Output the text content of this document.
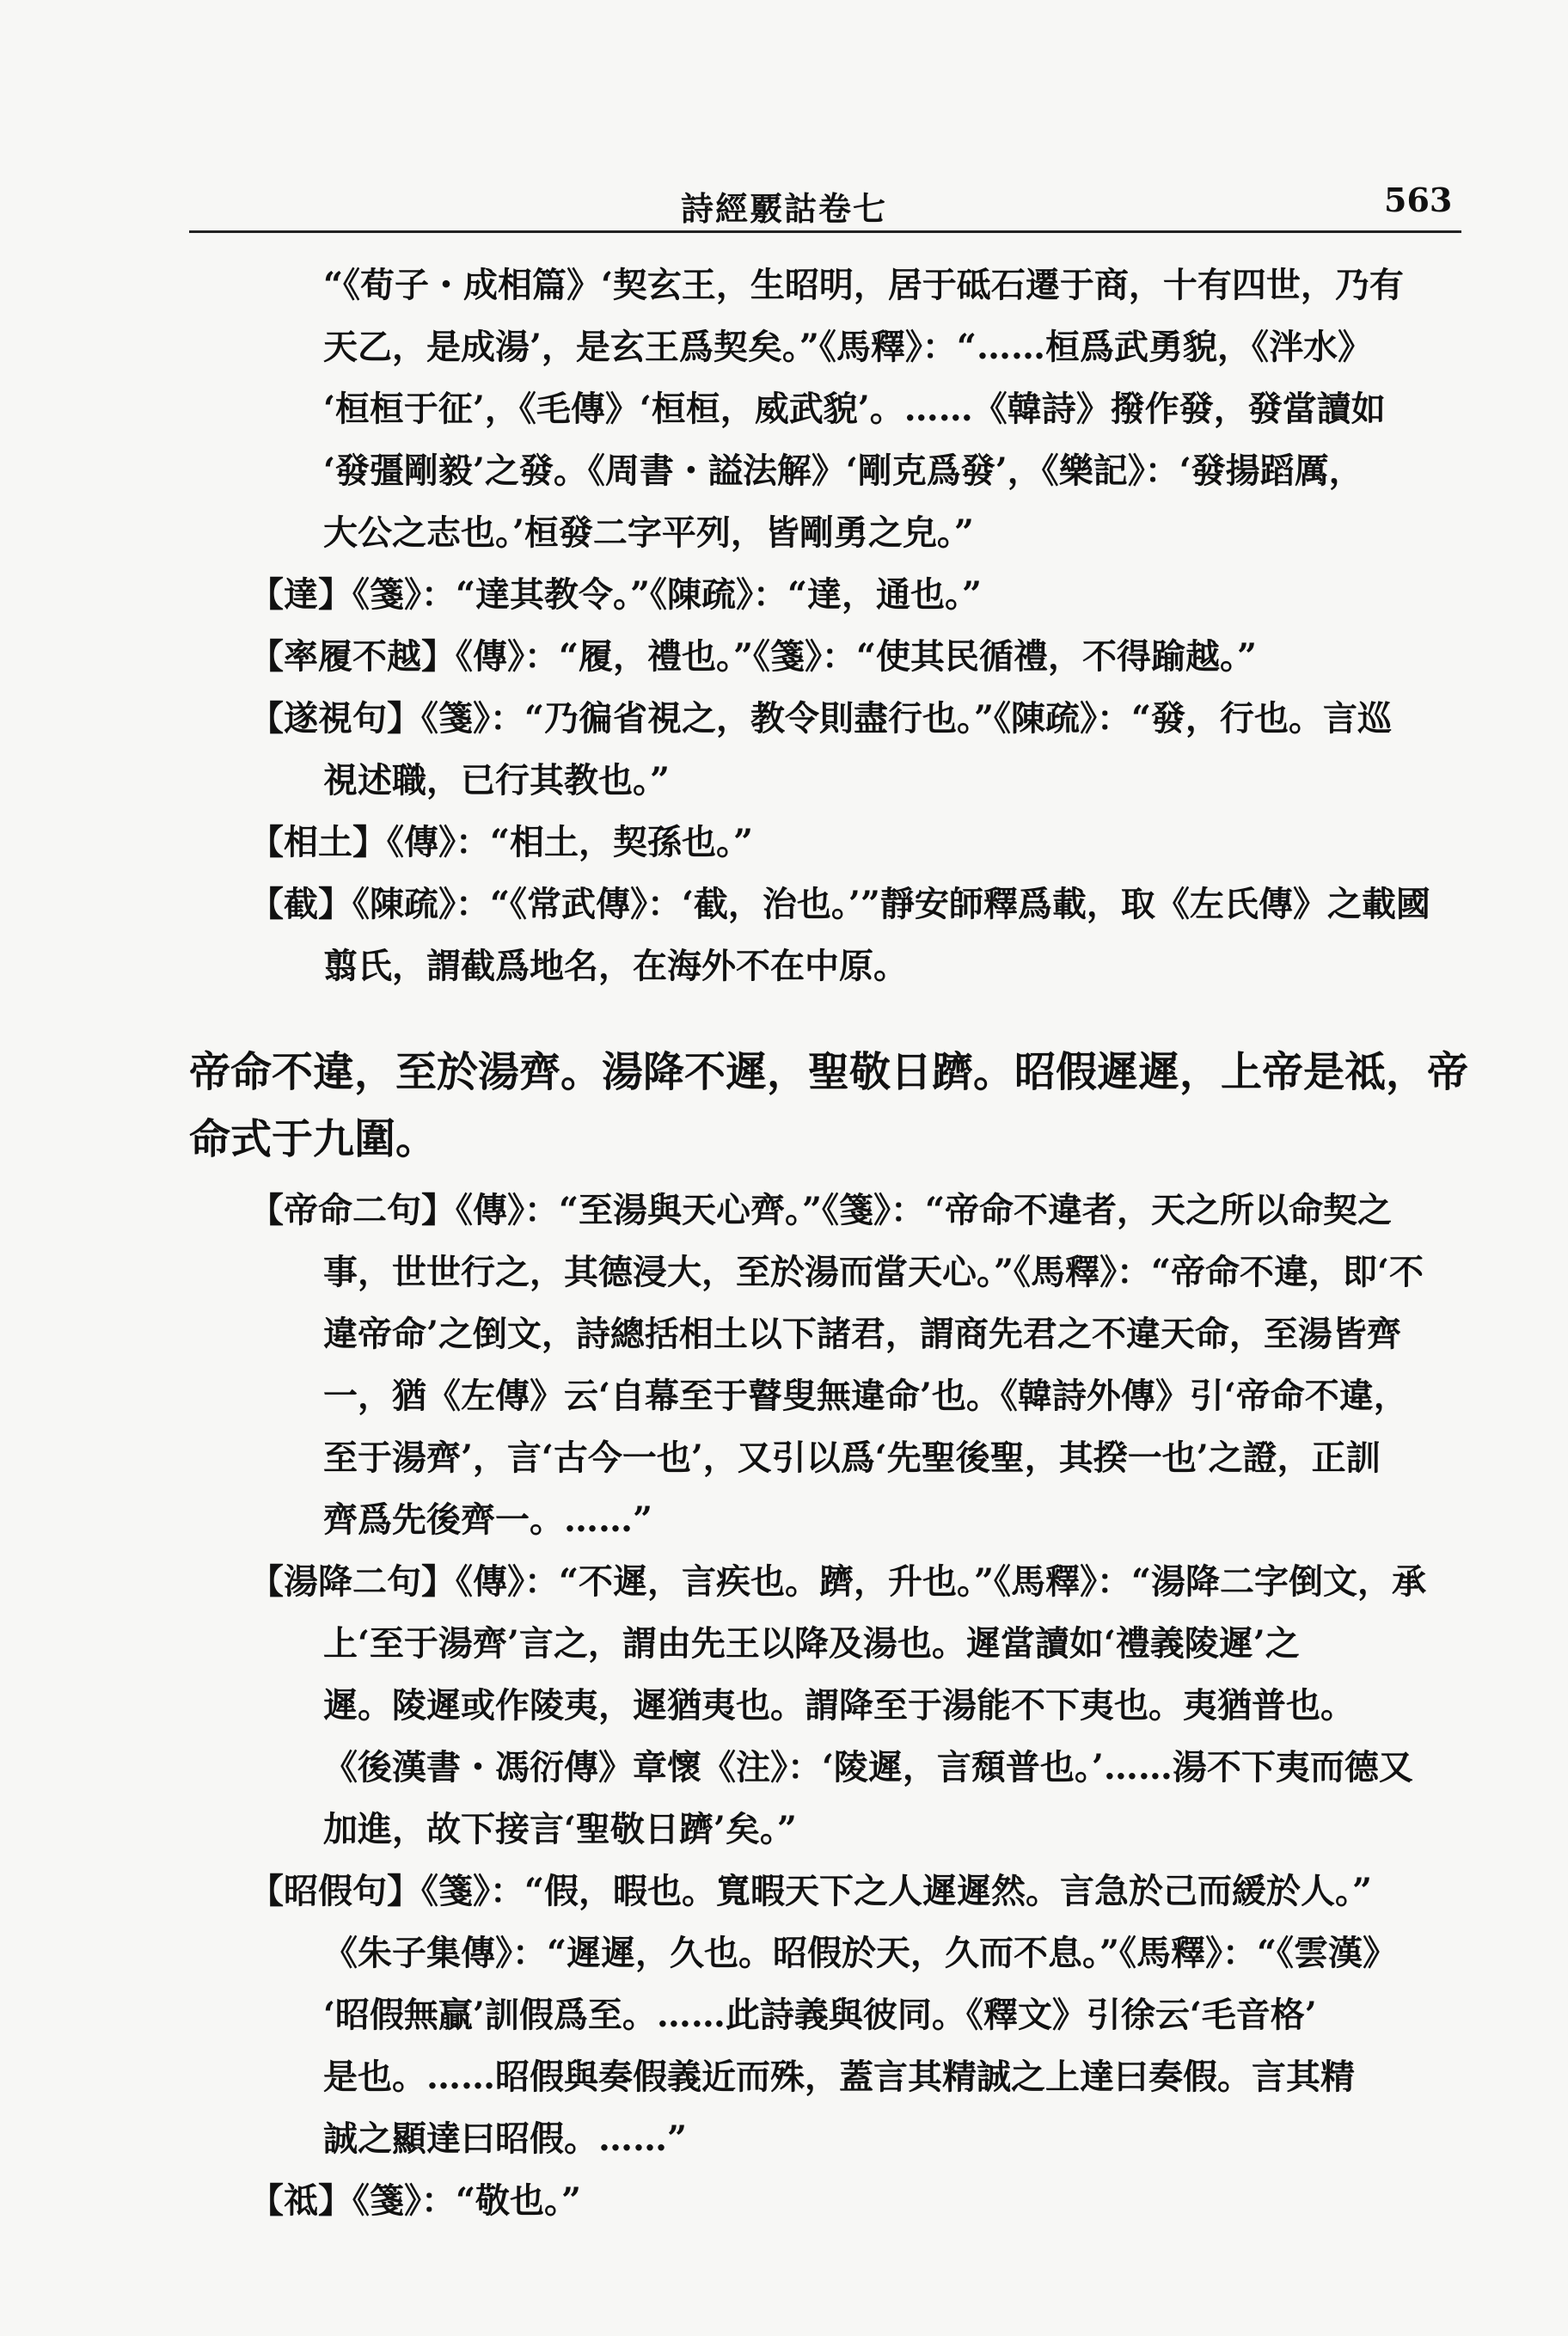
詩經覈詁卷七	563
“《荀子・成相篇》‘契玄王，生昭明，居于砥石遷于商，十有四世，乃有
天乙，是成湯’，是玄王爲契矣。”《馬釋》：“……桓爲武勇貌，《泮水》
‘桓桓于征’，《毛傳》‘桓桓，威武貌’。……《韓詩》撥作發，發當讀如
‘發彊剛毅’之發。《周書・謚法解》‘剛克爲發’，《樂記》：‘發揚蹈厲，
大公之志也。’桓發二字平列，皆剛勇之皃。”
【達】《箋》：“達其教令。”《陳疏》：“達，通也。”
【率履不越】《傳》：“履，禮也。”《箋》：“使其民循禮，不得踰越。”
【遂視句】《箋》：“乃徧省視之，教令則盡行也。”《陳疏》：“發，行也。言巡
視述職，已行其教也。”
【相土】《傳》：“相土，契孫也。”
【截】《陳疏》：“《常武傳》：‘截，治也。’”靜安師釋爲載，取《左氏傳》之載國
翦氏，謂截爲地名，在海外不在中原。
帝命不違，至於湯齊。湯降不遲，聖敬日躋。昭假遲遲，上帝是祗，帝
命式于九圍。
【帝命二句】《傳》：“至湯與天心齊。”《箋》：“帝命不違者，天之所以命契之
事，世世行之，其德浸大，至於湯而當天心。”《馬釋》：“帝命不違，即‘不
違帝命’之倒文，詩總括相土以下諸君，謂商先君之不違天命，至湯皆齊
一，猶《左傳》云‘自幕至于瞽叟無違命’也。《韓詩外傳》引‘帝命不違，
至于湯齊’，言‘古今一也’，又引以爲‘先聖後聖，其揆一也’之證，正訓
齊爲先後齊一。……”
【湯降二句】《傳》：“不遲，言疾也。躋，升也。”《馬釋》：“湯降二字倒文，承
上‘至于湯齊’言之，謂由先王以降及湯也。遲當讀如‘禮義陵遲’之
遲。陵遲或作陵夷，遲猶夷也。謂降至于湯能不下夷也。夷猶普也。
《後漢書・馮衍傳》章懷《注》：‘陵遲，言頹普也。’……湯不下夷而德又
加進，故下接言‘聖敬日躋’矣。”
【昭假句】《箋》：“假，暇也。寬暇天下之人遲遲然。言急於己而緩於人。”
《朱子集傳》：“遲遲，久也。昭假於天，久而不息。”《馬釋》：“《雲漢》
‘昭假無贏’訓假爲至。……此詩義與彼同。《釋文》引徐云‘毛音格’
是也。……昭假與奏假義近而殊，蓋言其精誠之上達曰奏假。言其精
誠之顯達曰昭假。……”
【祗】《箋》：“敬也。”
